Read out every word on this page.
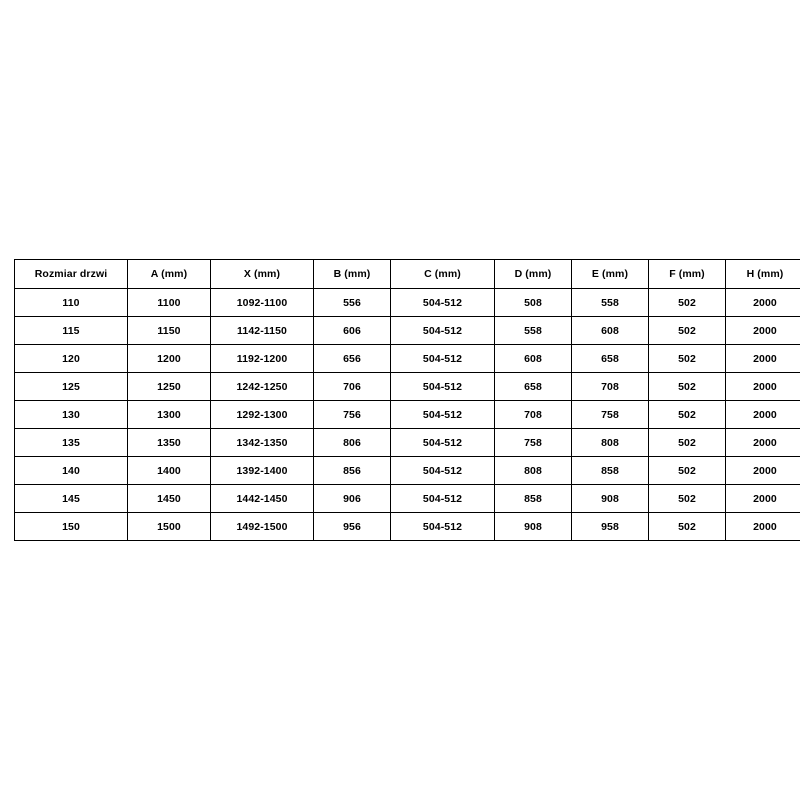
Rozmiar drzwi	A (mm)	X (mm)	B (mm)	C (mm)	D (mm)	E (mm)	F (mm)	H (mm)
110	1100	1092-1100	556	504-512	508	558	502	2000
115	1150	1142-1150	606	504-512	558	608	502	2000
120	1200	1192-1200	656	504-512	608	658	502	2000
125	1250	1242-1250	706	504-512	658	708	502	2000
130	1300	1292-1300	756	504-512	708	758	502	2000
135	1350	1342-1350	806	504-512	758	808	502	2000
140	1400	1392-1400	856	504-512	808	858	502	2000
145	1450	1442-1450	906	504-512	858	908	502	2000
150	1500	1492-1500	956	504-512	908	958	502	2000
